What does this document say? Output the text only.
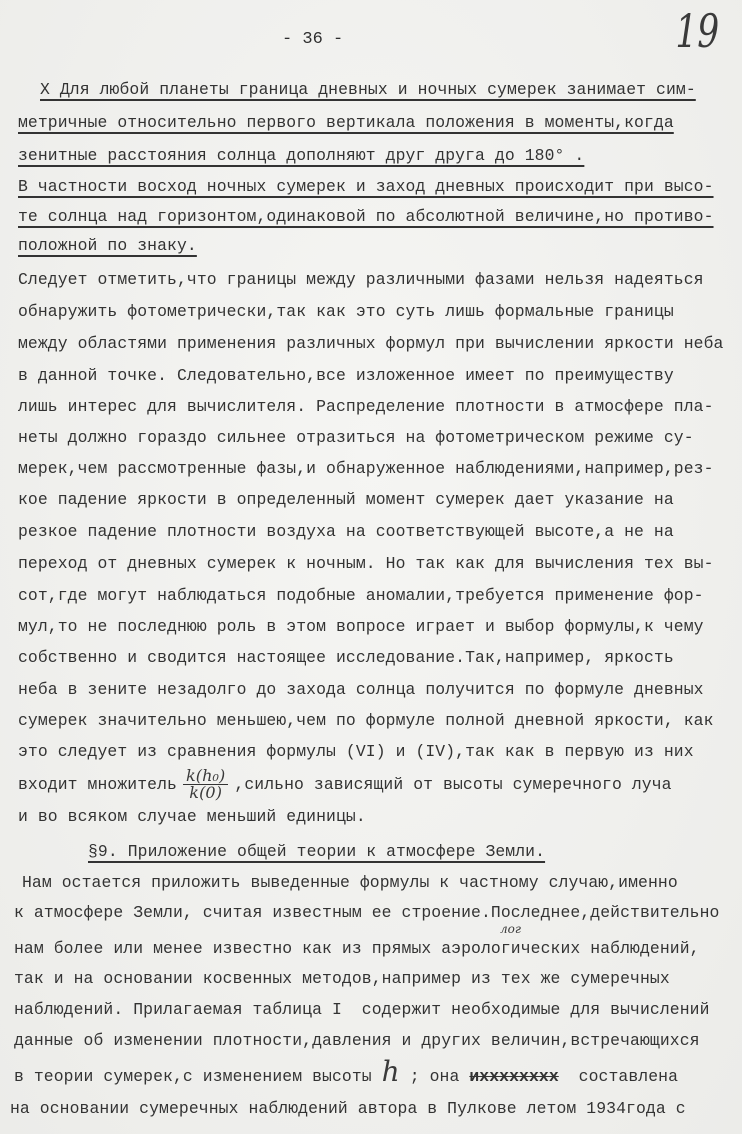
- 36 -	19
Х Для любой планеты граница дневных и ночных сумерек занимает сим-
метричные относительно первого вертикала положения в моменты,когда
зенитные расстояния солнца дополняют друг друга до 180° .
В частности восход ночных сумерек и заход дневных происходит при высо-
те солнца над горизонтом,одинаковой по абсолютной величине,но противо-
положной по знаку.
Следует отметить,что границы между различными фазами нельзя надеяться
обнаружить фотометрически,так как это суть лишь формальные границы
между областями применения различных формул при вычислении яркости неба
в данной точке. Следовательно,все изложенное имеет по преимуществу
лишь интерес для вычислителя. Распределение плотности в атмосфере пла-
неты должно гораздо сильнее отразиться на фотометрическом режиме су-
мерек,чем рассмотренные фазы,и обнаруженное наблюдениями,например,рез-
кое падение яркости в определенный момент сумерек дает указание на
резкое падение плотности воздуха на соответствующей высоте,а не на
переход от дневных сумерек к ночным. Но так как для вычисления тех вы-
сот,где могут наблюдаться подобные аномалии,требуется применение фор-
мул,то не последнюю роль в этом вопросе играет и выбор формулы,к чему
собственно и сводится настоящее исследование.Так,например, яркость
неба в зените незадолго до захода солнца получится по формуле дневных
сумерек значительно меньшею,чем по формуле полной дневной яркости, как
это следует из сравнения формулы (VI) и (IV),так как в первую из них
входит множитель $\frac{\text{k(h₀)}}{k(0)}$ ,сильно зависящий от высоты сумеречного луча
и во всяком случае меньший единицы.
§9. Приложение общей теории к атмосфере Земли.
Нам остается приложить выведенные формулы к частному случаю,именно
к атмосфере Земли, считая известным ее строение.Последнее,действительно
лог
нам более или менее известно как из прямых аэрологических наблюдений,
так и на основании косвенных методов,например из тех же сумеречных
наблюдений. Прилагаемая таблица I  содержит необходимые для вычислений
данные об изменении плотности,давления и других величин,встречающихся
в теории сумерек,с изменением высоты h ; она ихххххххх  составлена
на основании сумеречных наблюдений автора в Пулкове летом 1934года с
